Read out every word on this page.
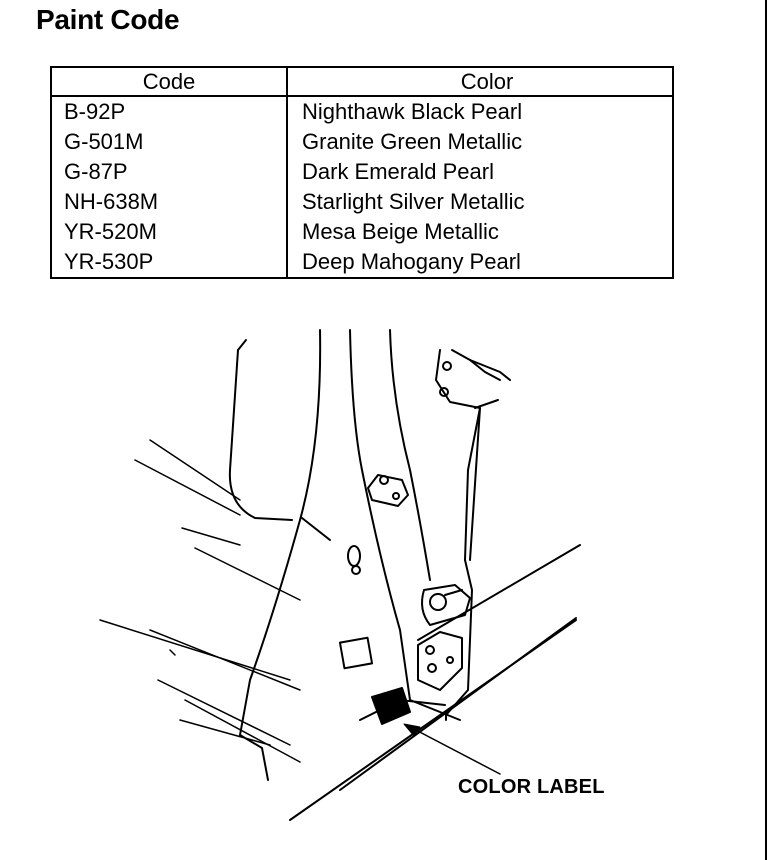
Paint Code
Code	Color
B-92P	Nighthawk Black Pearl
G-501M	Granite Green Metallic
G-87P	Dark Emerald Pearl
NH-638M	Starlight Silver Metallic
YR-520M	Mesa Beige Metallic
YR-530P	Deep Mahogany Pearl
COLOR LABEL
